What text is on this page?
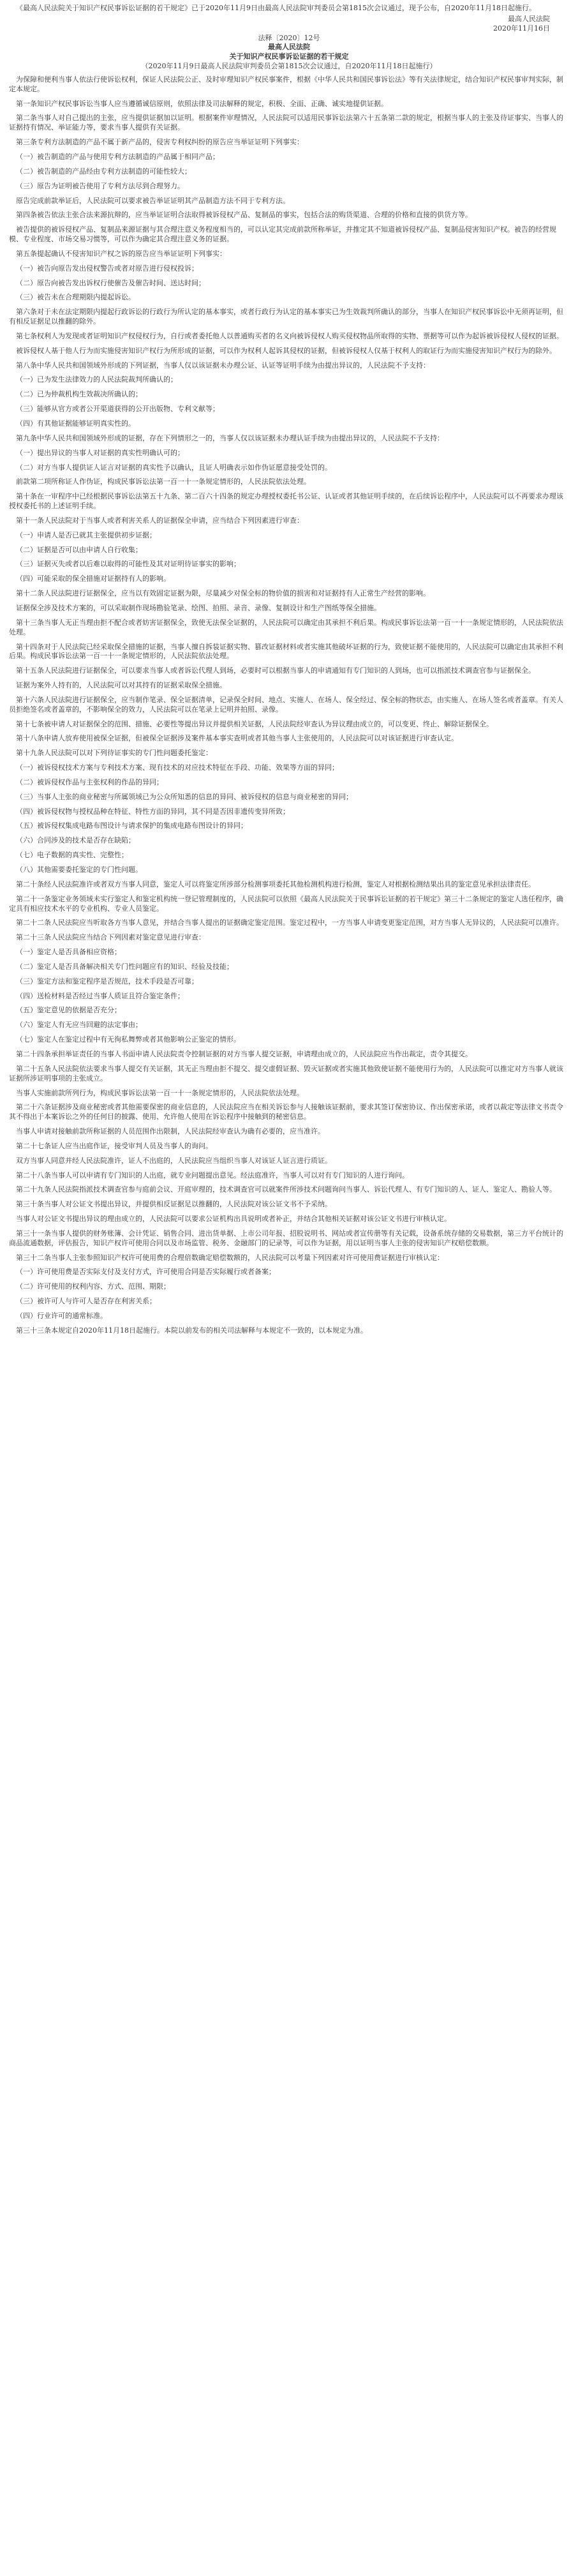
《最高人民法院关于知识产权民事诉讼证据的若干规定》已于2020年11月9日由最高人民法院审判委员会第1815次会议通过，现予公布，自2020年11月18日起施行。

最高人民法院

2020年11月16日

法释〔2020〕12号

最高人民法院

关于知识产权民事诉讼证据的若干规定

（2020年11月9日最高人民法院审判委员会第1815次会议通过，自2020年11月18日起施行）

为保障和便利当事人依法行使诉讼权利，保证人民法院公正、及时审理知识产权民事案件，根据《中华人民共和国民事诉讼法》等有关法律规定，结合知识产权民事审判实际，制定本规定。

第一条知识产权民事诉讼当事人应当遵循诚信原则，依照法律及司法解释的规定，积极、全面、正确、诚实地提供证据。

第二条当事人对自己提出的主张，应当提供证据加以证明。根据案件审理情况，人民法院可以适用民事诉讼法第六十五条第二款的规定，根据当事人的主张及待证事实、当事人的证据持有情况、举证能力等，要求当事人提供有关证据。

第三条专利方法制造的产品不属于新产品的，侵害专利权纠纷的原告应当举证证明下列事实：

（一）被告制造的产品与使用专利方法制造的产品属于相同产品；

（二）被告制造的产品经由专利方法制造的可能性较大；

（三）原告为证明被告使用了专利方法尽到合理努力。

原告完成前款举证后，人民法院可以要求被告举证证明其产品制造方法不同于专利方法。

第四条被告依法主张合法来源抗辩的，应当举证证明合法取得被诉侵权产品、复制品的事实，包括合法的购货渠道、合理的价格和直接的供货方等。

被告提供的被诉侵权产品、复制品来源证据与其合理注意义务程度相当的，可以认定其完成前款所称举证，并推定其不知道被诉侵权产品、复制品侵害知识产权。被告的经营规模、专业程度、市场交易习惯等，可以作为确定其合理注意义务的证据。

第五条提起确认不侵害知识产权之诉的原告应当举证证明下列事实：

（一）被告向原告发出侵权警告或者对原告进行侵权投诉；

（二）原告向被告发出诉权行使催告及催告时间、送达时间；

（三）被告未在合理期限内提起诉讼。

第六条对于未在法定期限内提起行政诉讼的行政行为所认定的基本事实，或者行政行为认定的基本事实已为生效裁判所确认的部分，当事人在知识产权民事诉讼中无须再证明，但有相反证据足以推翻的除外。

第七条权利人为发现或者证明知识产权侵权行为，自行或者委托他人以普通购买者的名义向被诉侵权人购买侵权物品所取得的实物、票据等可以作为起诉被诉侵权人侵权的证据。

被诉侵权人基于他人行为而实施侵害知识产权行为所形成的证据，可以作为权利人起诉其侵权的证据，但被诉侵权人仅基于权利人的取证行为而实施侵害知识产权行为的除外。

第八条中华人民共和国领域外形成的下列证据，当事人仅以该证据未办理公证、认证等证明手续为由提出异议的，人民法院不予支持：

（一）已为发生法律效力的人民法院裁判所确认的；

（二）已为仲裁机构生效裁决所确认的；

（三）能够从官方或者公开渠道获得的公开出版物、专利文献等；

（四）有其他证据能够证明真实性的。

第九条中华人民共和国领域外形成的证据，存在下列情形之一的，当事人仅以该证据未办理认证手续为由提出异议的，人民法院不予支持：

（一）提出异议的当事人对证据的真实性明确认可的；

（二）对方当事人提供证人证言对证据的真实性予以确认，且证人明确表示如作伪证愿意接受处罚的。

前款第二项所称证人作伪证，构成民事诉讼法第一百一十一条规定情形的，人民法院依法处理。

第十条在一审程序中已经根据民事诉讼法第五十九条、第二百六十四条的规定办理授权委托书公证、认证或者其他证明手续的，在后续诉讼程序中，人民法院可以不再要求办理该授权委托书的上述证明手续。

第十一条人民法院对于当事人或者利害关系人的证据保全申请，应当结合下列因素进行审查：

（一）申请人是否已就其主张提供初步证据；

（二）证据是否可以由申请人自行收集；

（三）证据灭失或者以后难以取得的可能性及其对证明待证事实的影响；

（四）可能采取的保全措施对证据持有人的影响。

第十二条人民法院进行证据保全，应当以有效固定证据为限，尽量减少对保全标的物价值的损害和对证据持有人正常生产经营的影响。

证据保全涉及技术方案的，可以采取制作现场勘验笔录、绘图、拍照、录音、录像、复制设计和生产图纸等保全措施。

第十三条当事人无正当理由拒不配合或者妨害证据保全，致使无法保全证据的，人民法院可以确定由其承担不利后果。构成民事诉讼法第一百一十一条规定情形的，人民法院依法处理。

第十四条对于人民法院已经采取保全措施的证据，当事人擅自拆装证据实物、篡改证据材料或者实施其他破坏证据的行为，致使证据不能使用的，人民法院可以确定由其承担不利后果。构成民事诉讼法第一百一十一条规定情形的，人民法院依法处理。

第十五条人民法院进行证据保全，可以要求当事人或者诉讼代理人到场，必要时可以根据当事人的申请通知有专门知识的人到场，也可以指派技术调查官参与证据保全。

证据为案外人持有的，人民法院可以对其持有的证据采取保全措施。

第十六条人民法院进行证据保全，应当制作笔录、保全证据清单，记录保全时间、地点、实施人、在场人、保全经过、保全标的物状态，由实施人、在场人签名或者盖章。有关人员拒绝签名或者盖章的，不影响保全的效力，人民法院可以在笔录上记明并拍照、录像。

第十七条被申请人对证据保全的范围、措施、必要性等提出异议并提供相关证据，人民法院经审查认为异议理由成立的，可以变更、终止、解除证据保全。

第十八条申请人放弃使用被保全证据，但被保全证据涉及案件基本事实查明或者其他当事人主张使用的，人民法院可以对该证据进行审查认定。

第十九条人民法院可以对下列待证事实的专门性问题委托鉴定：

（一）被诉侵权技术方案与专利技术方案、现有技术的对应技术特征在手段、功能、效果等方面的异同；

（二）被诉侵权作品与主张权利的作品的异同；

（三）当事人主张的商业秘密与所属领域已为公众所知悉的信息的异同、被诉侵权的信息与商业秘密的异同；

（四）被诉侵权物与授权品种在特征、特性方面的异同，其不同是否因非遗传变异所致；

（五）被诉侵权集成电路布图设计与请求保护的集成电路布图设计的异同；

（六）合同涉及的技术是否存在缺陷；

（七）电子数据的真实性、完整性；

（八）其他需要委托鉴定的专门性问题。

第二十条经人民法院准许或者双方当事人同意，鉴定人可以将鉴定所涉部分检测事项委托其他检测机构进行检测，鉴定人对根据检测结果出具的鉴定意见承担法律责任。

第二十一条鉴定业务领域未实行鉴定人和鉴定机构统一登记管理制度的，人民法院可以依照《最高人民法院关于民事诉讼证据的若干规定》第三十二条规定的鉴定人选任程序，确定具有相应技术水平的专业机构、专业人员鉴定。

第二十二条人民法院应当听取各方当事人意见，并结合当事人提出的证据确定鉴定范围。鉴定过程中，一方当事人申请变更鉴定范围，对方当事人无异议的，人民法院可以准许。

第二十三条人民法院应当结合下列因素对鉴定意见进行审查：

（一）鉴定人是否具备相应资格；

（二）鉴定人是否具备解决相关专门性问题应有的知识、经验及技能；

（三）鉴定方法和鉴定程序是否规范，技术手段是否可靠；

（四）送检材料是否经过当事人质证且符合鉴定条件；

（五）鉴定意见的依据是否充分；

（六）鉴定人有无应当回避的法定事由；

（七）鉴定人在鉴定过程中有无徇私舞弊或者其他影响公正鉴定的情形。

第二十四条承担举证责任的当事人书面申请人民法院责令控制证据的对方当事人提交证据，申请理由成立的，人民法院应当作出裁定，责令其提交。

第二十五条人民法院依法要求当事人提交有关证据，其无正当理由拒不提交、提交虚假证据、毁灭证据或者实施其他致使证据不能使用行为的，人民法院可以推定对方当事人就该证据所涉证明事项的主张成立。

当事人实施前款所列行为，构成民事诉讼法第一百一十一条规定情形的，人民法院依法处理。

第二十六条证据涉及商业秘密或者其他需要保密的商业信息的，人民法院应当在相关诉讼参与人接触该证据前，要求其签订保密协议、作出保密承诺，或者以裁定等法律文书责令其不得出于本案诉讼之外的任何目的披露、使用、允许他人使用在诉讼程序中接触到的秘密信息。

当事人申请对接触前款所称证据的人员范围作出限制，人民法院经审查认为确有必要的，应当准许。

第二十七条证人应当出庭作证，接受审判人员及当事人的询问。

双方当事人同意并经人民法院准许，证人不出庭的，人民法院应当组织当事人对该证人证言进行质证。

第二十八条当事人可以申请有专门知识的人出庭，就专业问题提出意见。经法庭准许，当事人可以对有专门知识的人进行询问。

第二十九条人民法院指派技术调查官参与庭前会议、开庭审理的，技术调查官可以就案件所涉技术问题询问当事人、诉讼代理人、有专门知识的人、证人、鉴定人、勘验人等。

第三十条当事人对公证文书提出异议，并提供相反证据足以推翻的，人民法院对该公证文书不予采纳。

当事人对公证文书提出异议的理由成立的，人民法院可以要求公证机构出具说明或者补正，并结合其他相关证据对该公证文书进行审核认定。

第三十一条当事人提供的财务账簿、会计凭证、销售合同、进出货单据、上市公司年报、招股说明书、网站或者宣传册等有关记载，设备系统存储的交易数据，第三方平台统计的商品流通数据，评估报告，知识产权许可使用合同以及市场监管、税务、金融部门的记录等，可以作为证据，用以证明当事人主张的侵害知识产权赔偿数额。

第三十二条当事人主张参照知识产权许可使用费的合理倍数确定赔偿数额的，人民法院可以考量下列因素对许可使用费证据进行审核认定：

（一）许可使用费是否实际支付及支付方式，许可使用合同是否实际履行或者备案；

（二）许可使用的权利内容、方式、范围、期限；

（三）被许可人与许可人是否存在利害关系；

（四）行业许可的通常标准。

第三十三条本规定自2020年11月18日起施行。本院以前发布的相关司法解释与本规定不一致的，以本规定为准。
